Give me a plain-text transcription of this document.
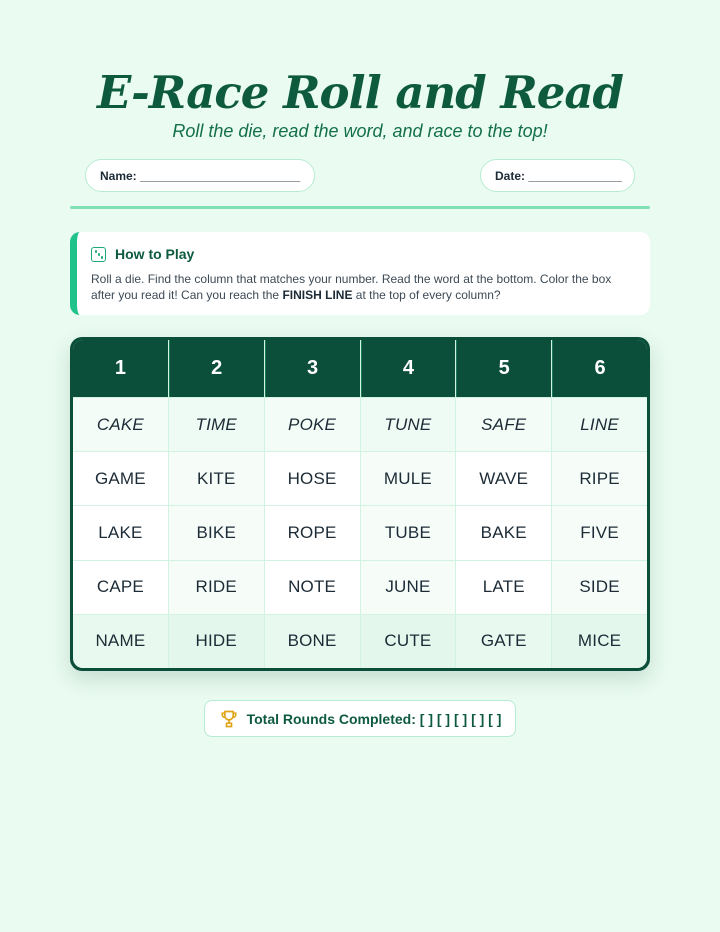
E-Race Roll and Read
Roll the die, read the word, and race to the top!
Name: ________________________	Date: ______________
How to Play
Roll a die. Find the column that matches your number. Read the word at the bottom. Color the box after you read it! Can you reach the FINISH LINE at the top of every column?
1	2	3	4	5	6
CAKE	TIME	POKE	TUNE	SAFE	LINE
GAME	KITE	HOSE	MULE	WAVE	RIPE
LAKE	BIKE	ROPE	TUBE	BAKE	FIVE
CAPE	RIDE	NOTE	JUNE	LATE	SIDE
NAME	HIDE	BONE	CUTE	GATE	MICE
Total Rounds Completed: [ ] [ ] [ ] [ ] [ ]
